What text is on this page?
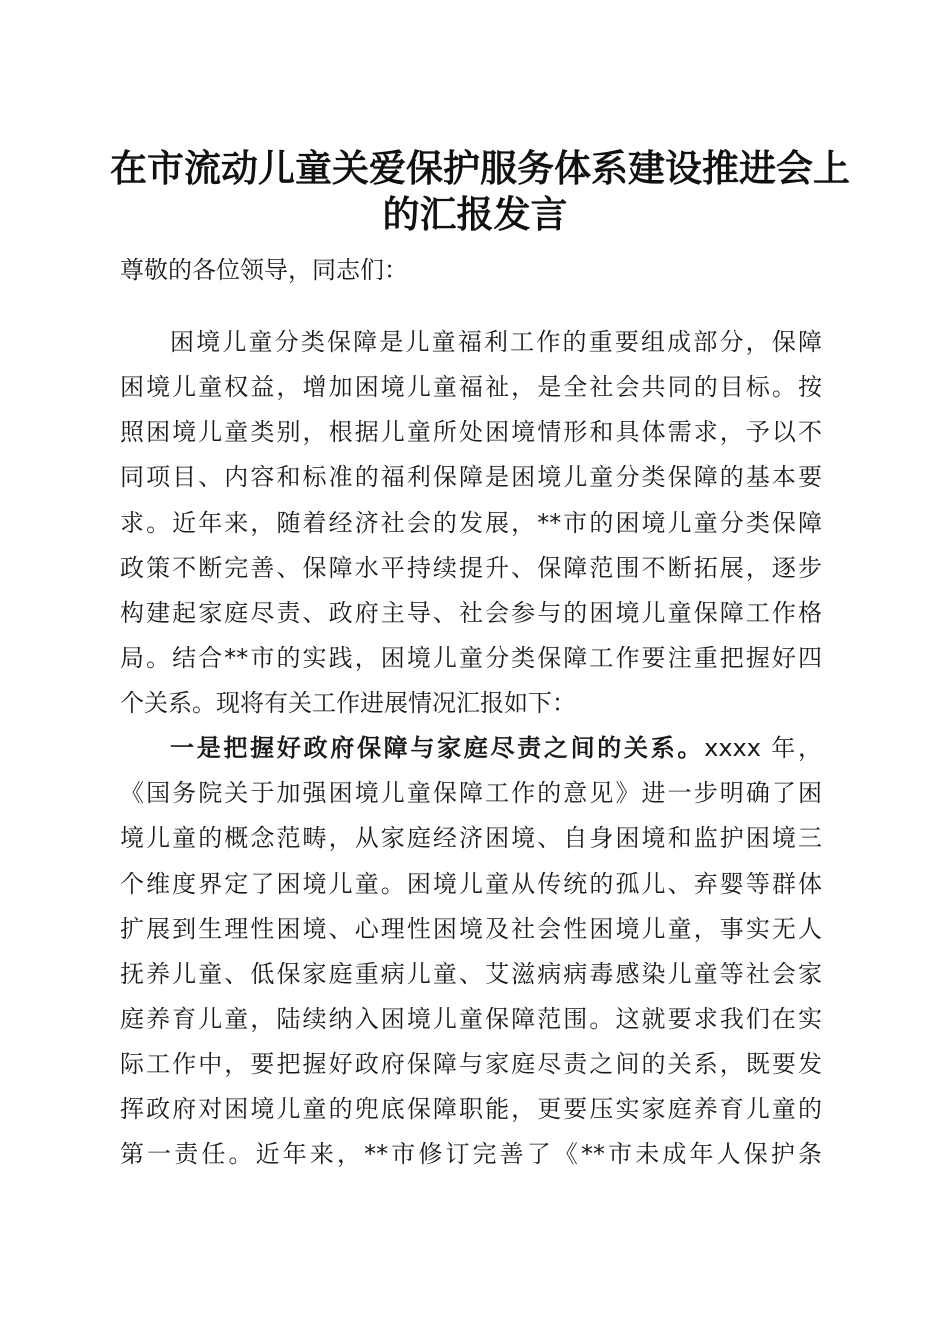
在市流动儿童关爱保护服务体系建设推进会上
的汇报发言

尊敬的各位领导，同志们：

困境儿童分类保障是儿童福利工作的重要组成部分，保障

困境儿童权益，增加困境儿童福祉，是全社会共同的目标。按

照困境儿童类别，根据儿童所处困境情形和具体需求，予以不

同项目、内容和标准的福利保障是困境儿童分类保障的基本要

求。近年来，随着经济社会的发展，**市的困境儿童分类保障

政策不断完善、保障水平持续提升、保障范围不断拓展，逐步

构建起家庭尽责、政府主导、社会参与的困境儿童保障工作格

局。结合**市的实践，困境儿童分类保障工作要注重把握好四

个关系。现将有关工作进展情况汇报如下：

一是把握好政府保障与家庭尽责之间的关系。xxxx 年，

《国务院关于加强困境儿童保障工作的意见》进一步明确了困

境儿童的概念范畴，从家庭经济困境、自身困境和监护困境三

个维度界定了困境儿童。困境儿童从传统的孤儿、弃婴等群体

扩展到生理性困境、心理性困境及社会性困境儿童，事实无人

抚养儿童、低保家庭重病儿童、艾滋病病毒感染儿童等社会家

庭养育儿童，陆续纳入困境儿童保障范围。这就要求我们在实

际工作中，要把握好政府保障与家庭尽责之间的关系，既要发

挥政府对困境儿童的兜底保障职能，更要压实家庭养育儿童的

第一责任。近年来，**市修订完善了《**市未成年人保护条
